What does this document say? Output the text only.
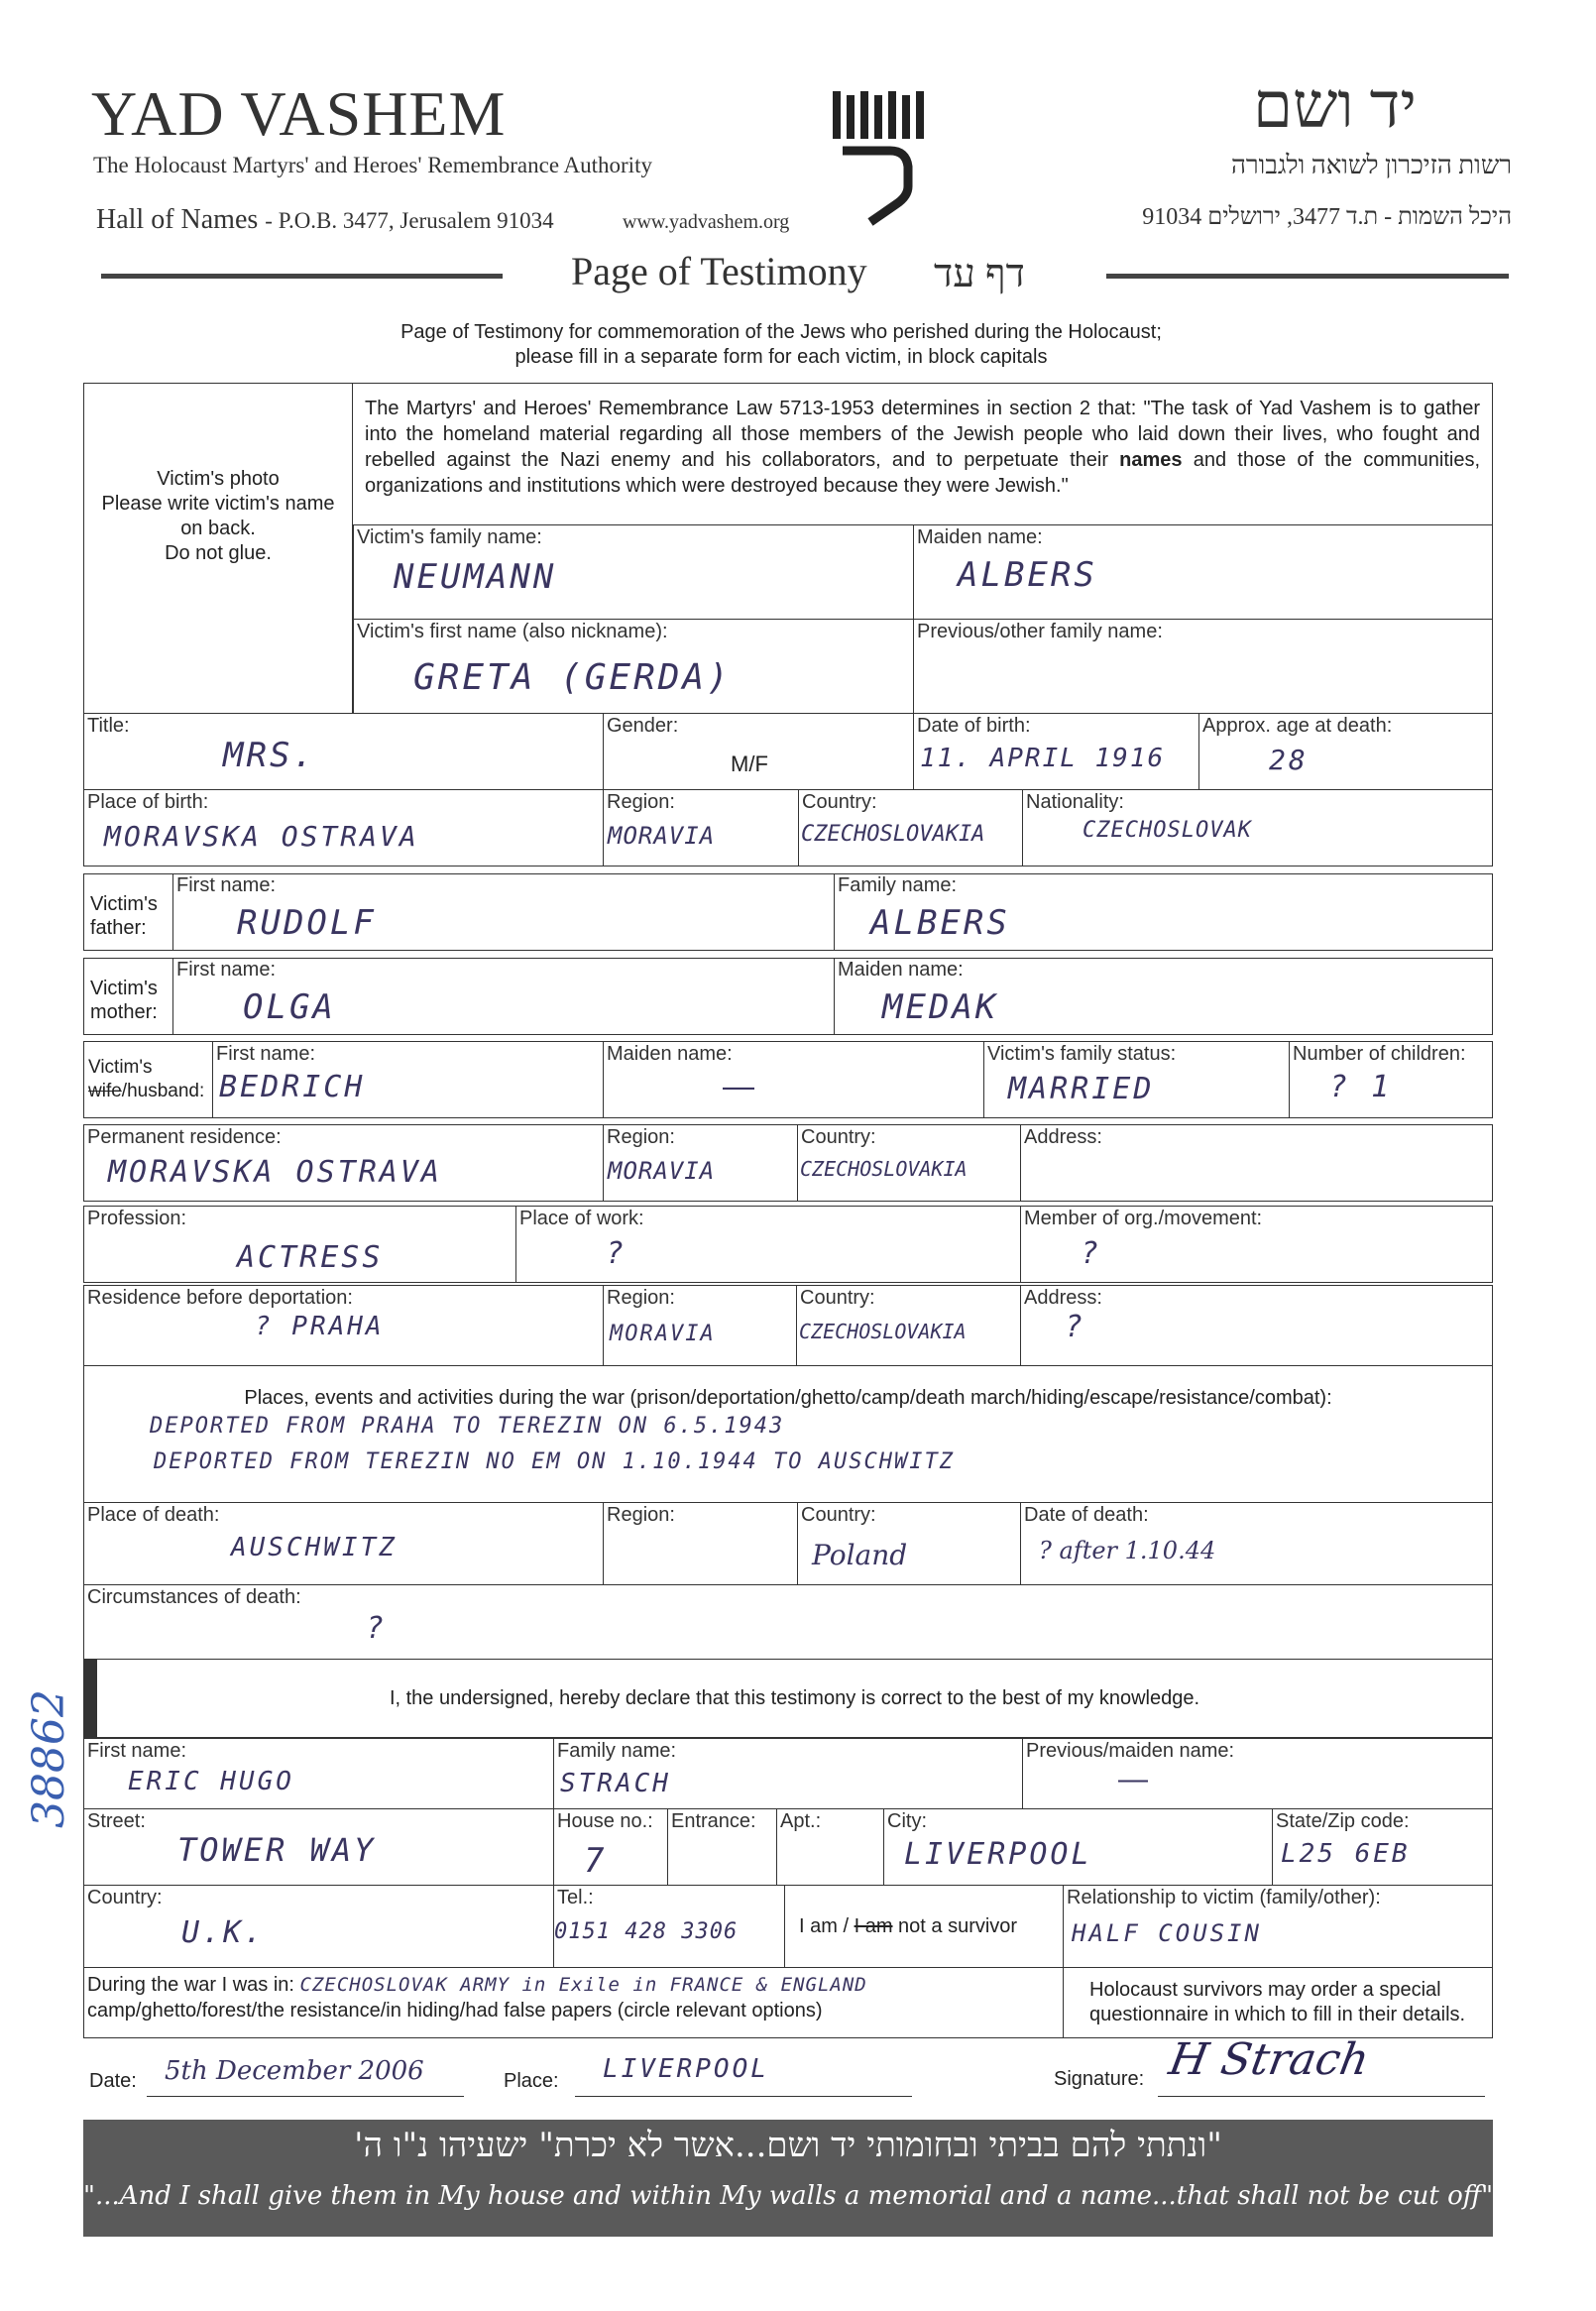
YAD VASHEM
The Holocaust Martyrs' and Heroes' Remembrance Authority
Hall of Names - P.O.B. 3477, Jerusalem 91034	www.yadvashem.org
יד ושם
רשות הזיכרון לשואה ולגבורה
היכל השמות - ת.ד 3477, ירושלים 91034
Page of Testimony דף עד
Page of Testimony for commemoration of the Jews who perished during the Holocaust;
please fill in a separate form for each victim, in block capitals
Victim's photo
Please write victim's name
on back.
Do not glue.
The Martyrs' and Heroes' Remembrance Law 5713-1953 determines in section 2 that: "The task of Yad Vashem is to gather into the homeland material regarding all those members of the Jewish people who laid down their lives, who fought and rebelled against the Nazi enemy and his collaborators, and to perpetuate their names and those of the communities, organizations and institutions which were destroyed because they were Jewish."
Victim's family name:
NEUMANN
Maiden name:
ALBERS
Victim's first name (also nickname):
GRETA (GERDA)
Previous/other family name:
Title:
MRS.
Gender:
M/F
Date of birth:
11. APRIL 1916
Approx. age at death:
28
Place of birth:
MORAVSKA OSTRAVA
Region:
MORAVIA
Country:
CZECHOSLOVAKIA
Nationality:
CZECHOSLOVAK
Victim's
father:
First name:
RUDOLF
Family name:
ALBERS
Victim's
mother:
First name:
OLGA
Maiden name:
MEDAK
Victim's
wife/husband:
First name:
BEDRICH
Maiden name:
—
Victim's family status:
MARRIED
Number of children:
? 1
Permanent residence:
MORAVSKA OSTRAVA
Region:
MORAVIA
Country:
CZECHOSLOVAKIA
Address:
Profession:
ACTRESS
Place of work:
?
Member of org./movement:
?
Residence before deportation:
? PRAHA
Region:
MORAVIA
Country:
CZECHOSLOVAKIA
Address:
?
Places, events and activities during the war (prison/deportation/ghetto/camp/death march/hiding/escape/resistance/combat):
DEPORTED FROM PRAHA TO TEREZIN ON 6.5.1943
DEPORTED FROM TEREZIN NO EM ON 1.10.1944 TO AUSCHWITZ
Place of death:
AUSCHWITZ
Region:	Country:
Poland
Date of death:
? after 1.10.44
Circumstances of death:
?
I, the undersigned, hereby declare that this testimony is correct to the best of my knowledge.
First name:
ERIC HUGO
Family name:
STRACH
Previous/maiden name:
—
Street:
TOWER WAY
House no.:
7
Entrance: Apt.:	City:
LIVERPOOL
State/Zip code:
L25 6EB
Country:
U.K.
Tel.:
0151 428 3306	I am / I am not a survivor
Relationship to victim (family/other):
HALF COUSIN
During the war I was in: CZECHOSLOVAK ARMY in Exile in FRANCE & ENGLAND
camp/ghetto/forest/the resistance/in hiding/had false papers (circle relevant options)
Holocaust survivors may order a special
questionnaire in which to fill in their details.
Date: 5th December 2006	Place: LIVERPOOL	Signature: H Strach
"ונתתי להם בביתי ובחומותי יד ושם...אשר לא יכרת" ישעיהו נ"ו ה'
"...And I shall give them in My house and within My walls a memorial and a name...that shall not be cut off" Isaiah 56:5
38862
